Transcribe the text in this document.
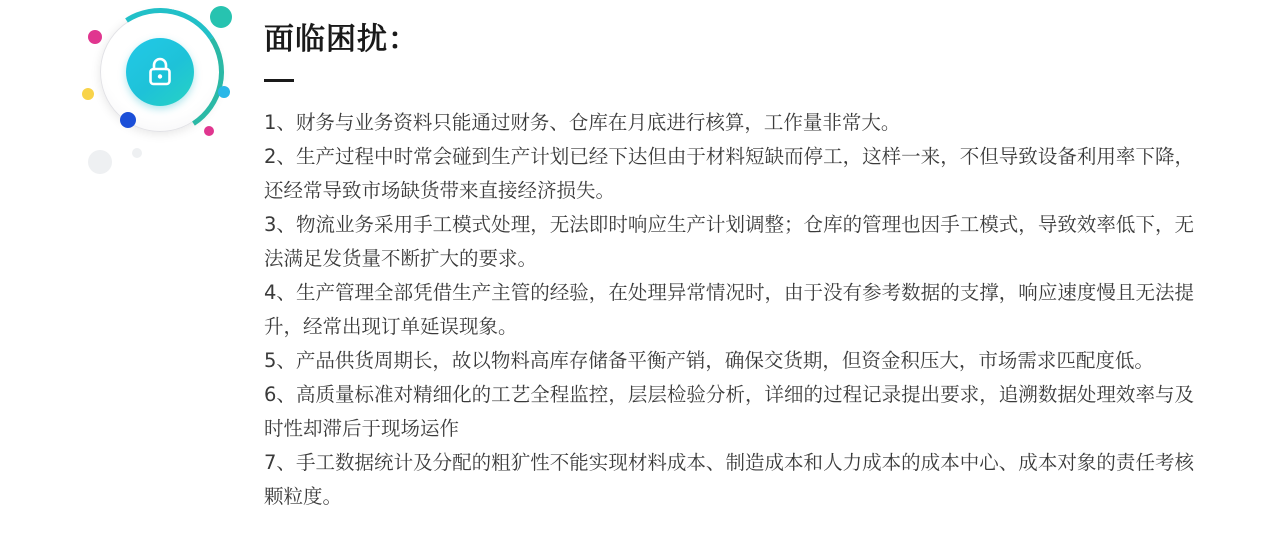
面临困扰：
1、财务与业务资料只能通过财务、仓库在月底进行核算，工作量非常大。
2、生产过程中时常会碰到生产计划已经下达但由于材料短缺而停工，这样一来，不但导致设备利用率下降，还经常导致市场缺货带来直接经济损失。
3、物流业务采用手工模式处理，无法即时响应生产计划调整；仓库的管理也因手工模式，导致效率低下，无法满足发货量不断扩大的要求。
4、生产管理全部凭借生产主管的经验，在处理异常情况时，由于没有参考数据的支撑，响应速度慢且无法提升，经常出现订单延误现象。
5、产品供货周期长，故以物料高库存储备平衡产销，确保交货期，但资金积压大，市场需求匹配度低。
6、高质量标准对精细化的工艺全程监控，层层检验分析，详细的过程记录提出要求，追溯数据处理效率与及时性却滞后于现场运作
7、手工数据统计及分配的粗犷性不能实现材料成本、制造成本和人力成本的成本中心、成本对象的责任考核颗粒度。
